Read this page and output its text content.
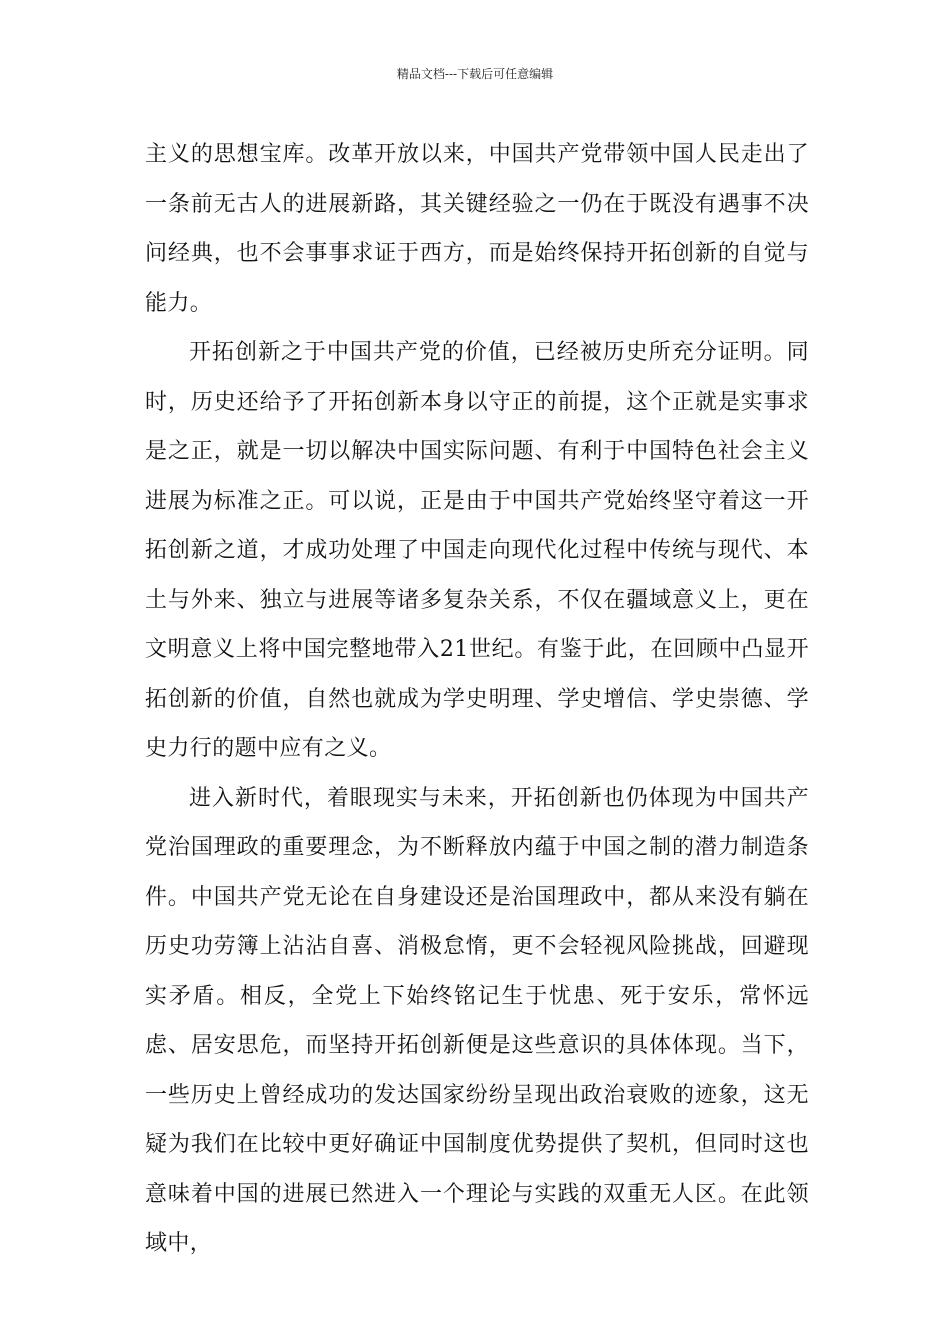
精品文档---下载后可任意编辑

主义的思想宝库。改革开放以来，中国共产党带领中国人民走出了一条前无古人的进展新路，其关键经验之一仍在于既没有遇事不决问经典，也不会事事求证于西方，而是始终保持开拓创新的自觉与能力。

开拓创新之于中国共产党的价值，已经被历史所充分证明。同时，历史还给予了开拓创新本身以守正的前提，这个正就是实事求是之正，就是一切以解决中国实际问题、有利于中国特色社会主义进展为标准之正。可以说，正是由于中国共产党始终坚守着这一开拓创新之道，才成功处理了中国走向现代化过程中传统与现代、本土与外来、独立与进展等诸多复杂关系，不仅在疆域意义上，更在文明意义上将中国完整地带入21世纪。有鉴于此，在回顾中凸显开拓创新的价值，自然也就成为学史明理、学史增信、学史崇德、学史力行的题中应有之义。

进入新时代，着眼现实与未来，开拓创新也仍体现为中国共产党治国理政的重要理念，为不断释放内蕴于中国之制的潜力制造条件。中国共产党无论在自身建设还是治国理政中，都从来没有躺在历史功劳簿上沾沾自喜、消极怠惰，更不会轻视风险挑战，回避现实矛盾。相反，全党上下始终铭记生于忧患、死于安乐，常怀远虑、居安思危，而坚持开拓创新便是这些意识的具体体现。当下，一些历史上曾经成功的发达国家纷纷呈现出政治衰败的迹象，这无疑为我们在比较中更好确证中国制度优势提供了契机，但同时这也意味着中国的进展已然进入一个理论与实践的双重无人区。在此领域中，
